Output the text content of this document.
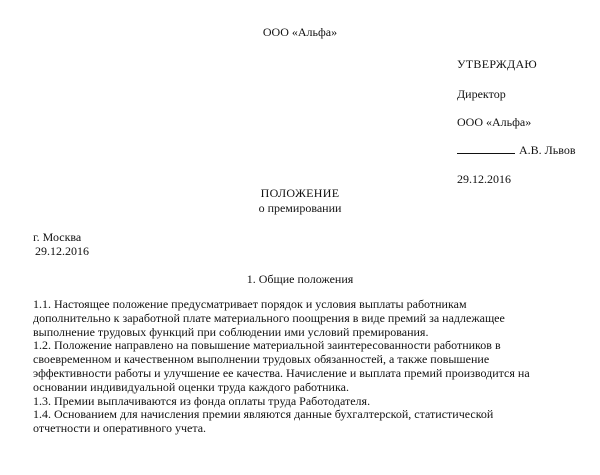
ООО «Альфа»
УТВЕРЖДАЮ
Директор
ООО «Альфа»
А.В. Львов
29.12.2016
ПОЛОЖЕНИЕ
о премировании
г. Москва
29.12.2016
1. Общие положения
1.1. Настоящее положение предусматривает порядок и условия выплаты работникам
дополнительно к заработной плате материального поощрения в виде премий за надлежащее
выполнение трудовых функций при соблюдении ими условий премирования.
1.2. Положение направлено на повышение материальной заинтересованности работников в
своевременном и качественном выполнении трудовых обязанностей, а также повышение
эффективности работы и улучшение ее качества. Начисление и выплата премий производится на
основании индивидуальной оценки труда каждого работника.
1.3. Премии выплачиваются из фонда оплаты труда Работодателя.
1.4. Основанием для начисления премии являются данные бухгалтерской, статистической
отчетности и оперативного учета.
